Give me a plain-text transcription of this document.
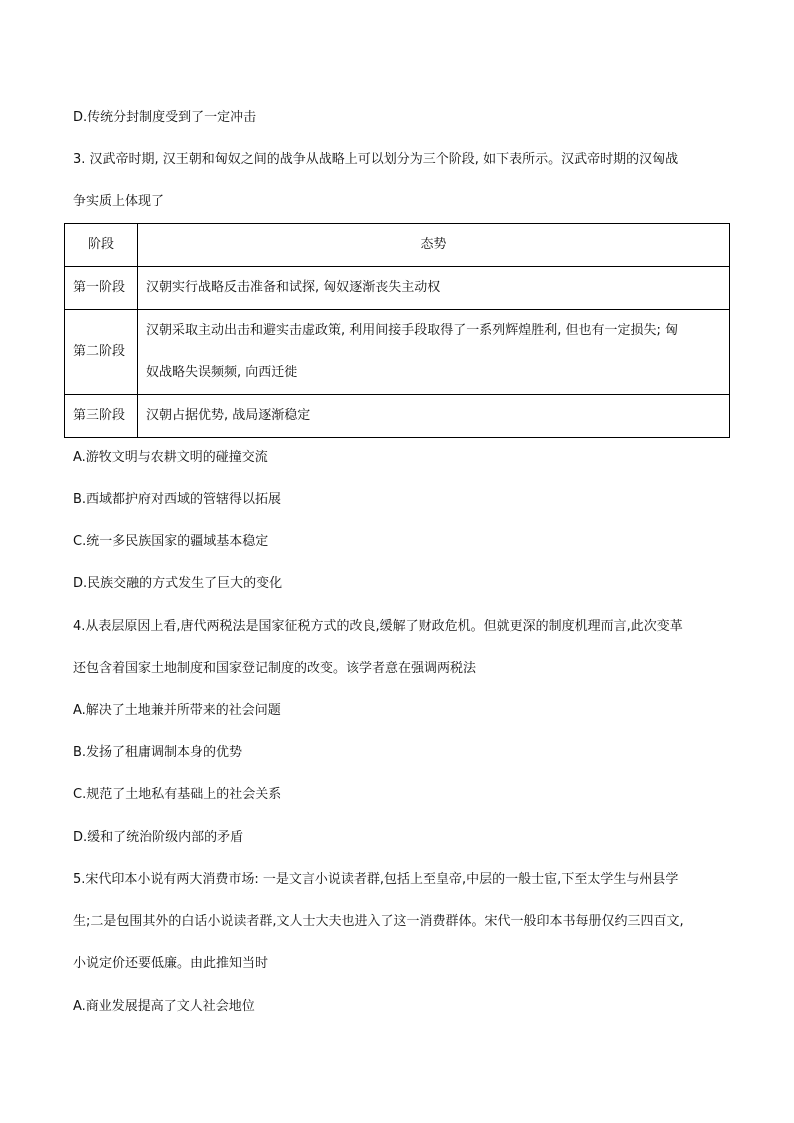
D.传统分封制度受到了一定冲击
3. 汉武帝时期, 汉王朝和匈奴之间的战争从战略上可以划分为三个阶段, 如下表所示。汉武帝时期的汉匈战
争实质上体现了
阶段	态势
第一阶段	汉朝实行战略反击准备和试探, 匈奴逐渐丧失主动权
第二阶段	汉朝采取主动出击和避实击虚政策, 利用间接手段取得了一系列辉煌胜利, 但也有一定损失; 匈
奴战略失误频频, 向西迁徙

第三阶段	汉朝占据优势, 战局逐渐稳定
A.游牧文明与农耕文明的碰撞交流
B.西域都护府对西域的管辖得以拓展
C.统一多民族国家的疆域基本稳定
D.民族交融的方式发生了巨大的变化
4.从表层原因上看,唐代两税法是国家征税方式的改良,缓解了财政危机。但就更深的制度机理而言,此次变革
还包含着国家土地制度和国家登记制度的改变。该学者意在强调两税法
A.解决了土地兼并所带来的社会问题
B.发扬了租庸调制本身的优势
C.规范了土地私有基础上的社会关系
D.缓和了统治阶级内部的矛盾
5.宋代印本小说有两大消费市场: 一是文言小说读者群,包括上至皇帝,中层的一般士宦,下至太学生与州县学
生;二是包围其外的白话小说读者群,文人士大夫也进入了这一消费群体。宋代一般印本书每册仅约三四百文,
小说定价还要低廉。由此推知当时
A.商业发展提高了文人社会地位
